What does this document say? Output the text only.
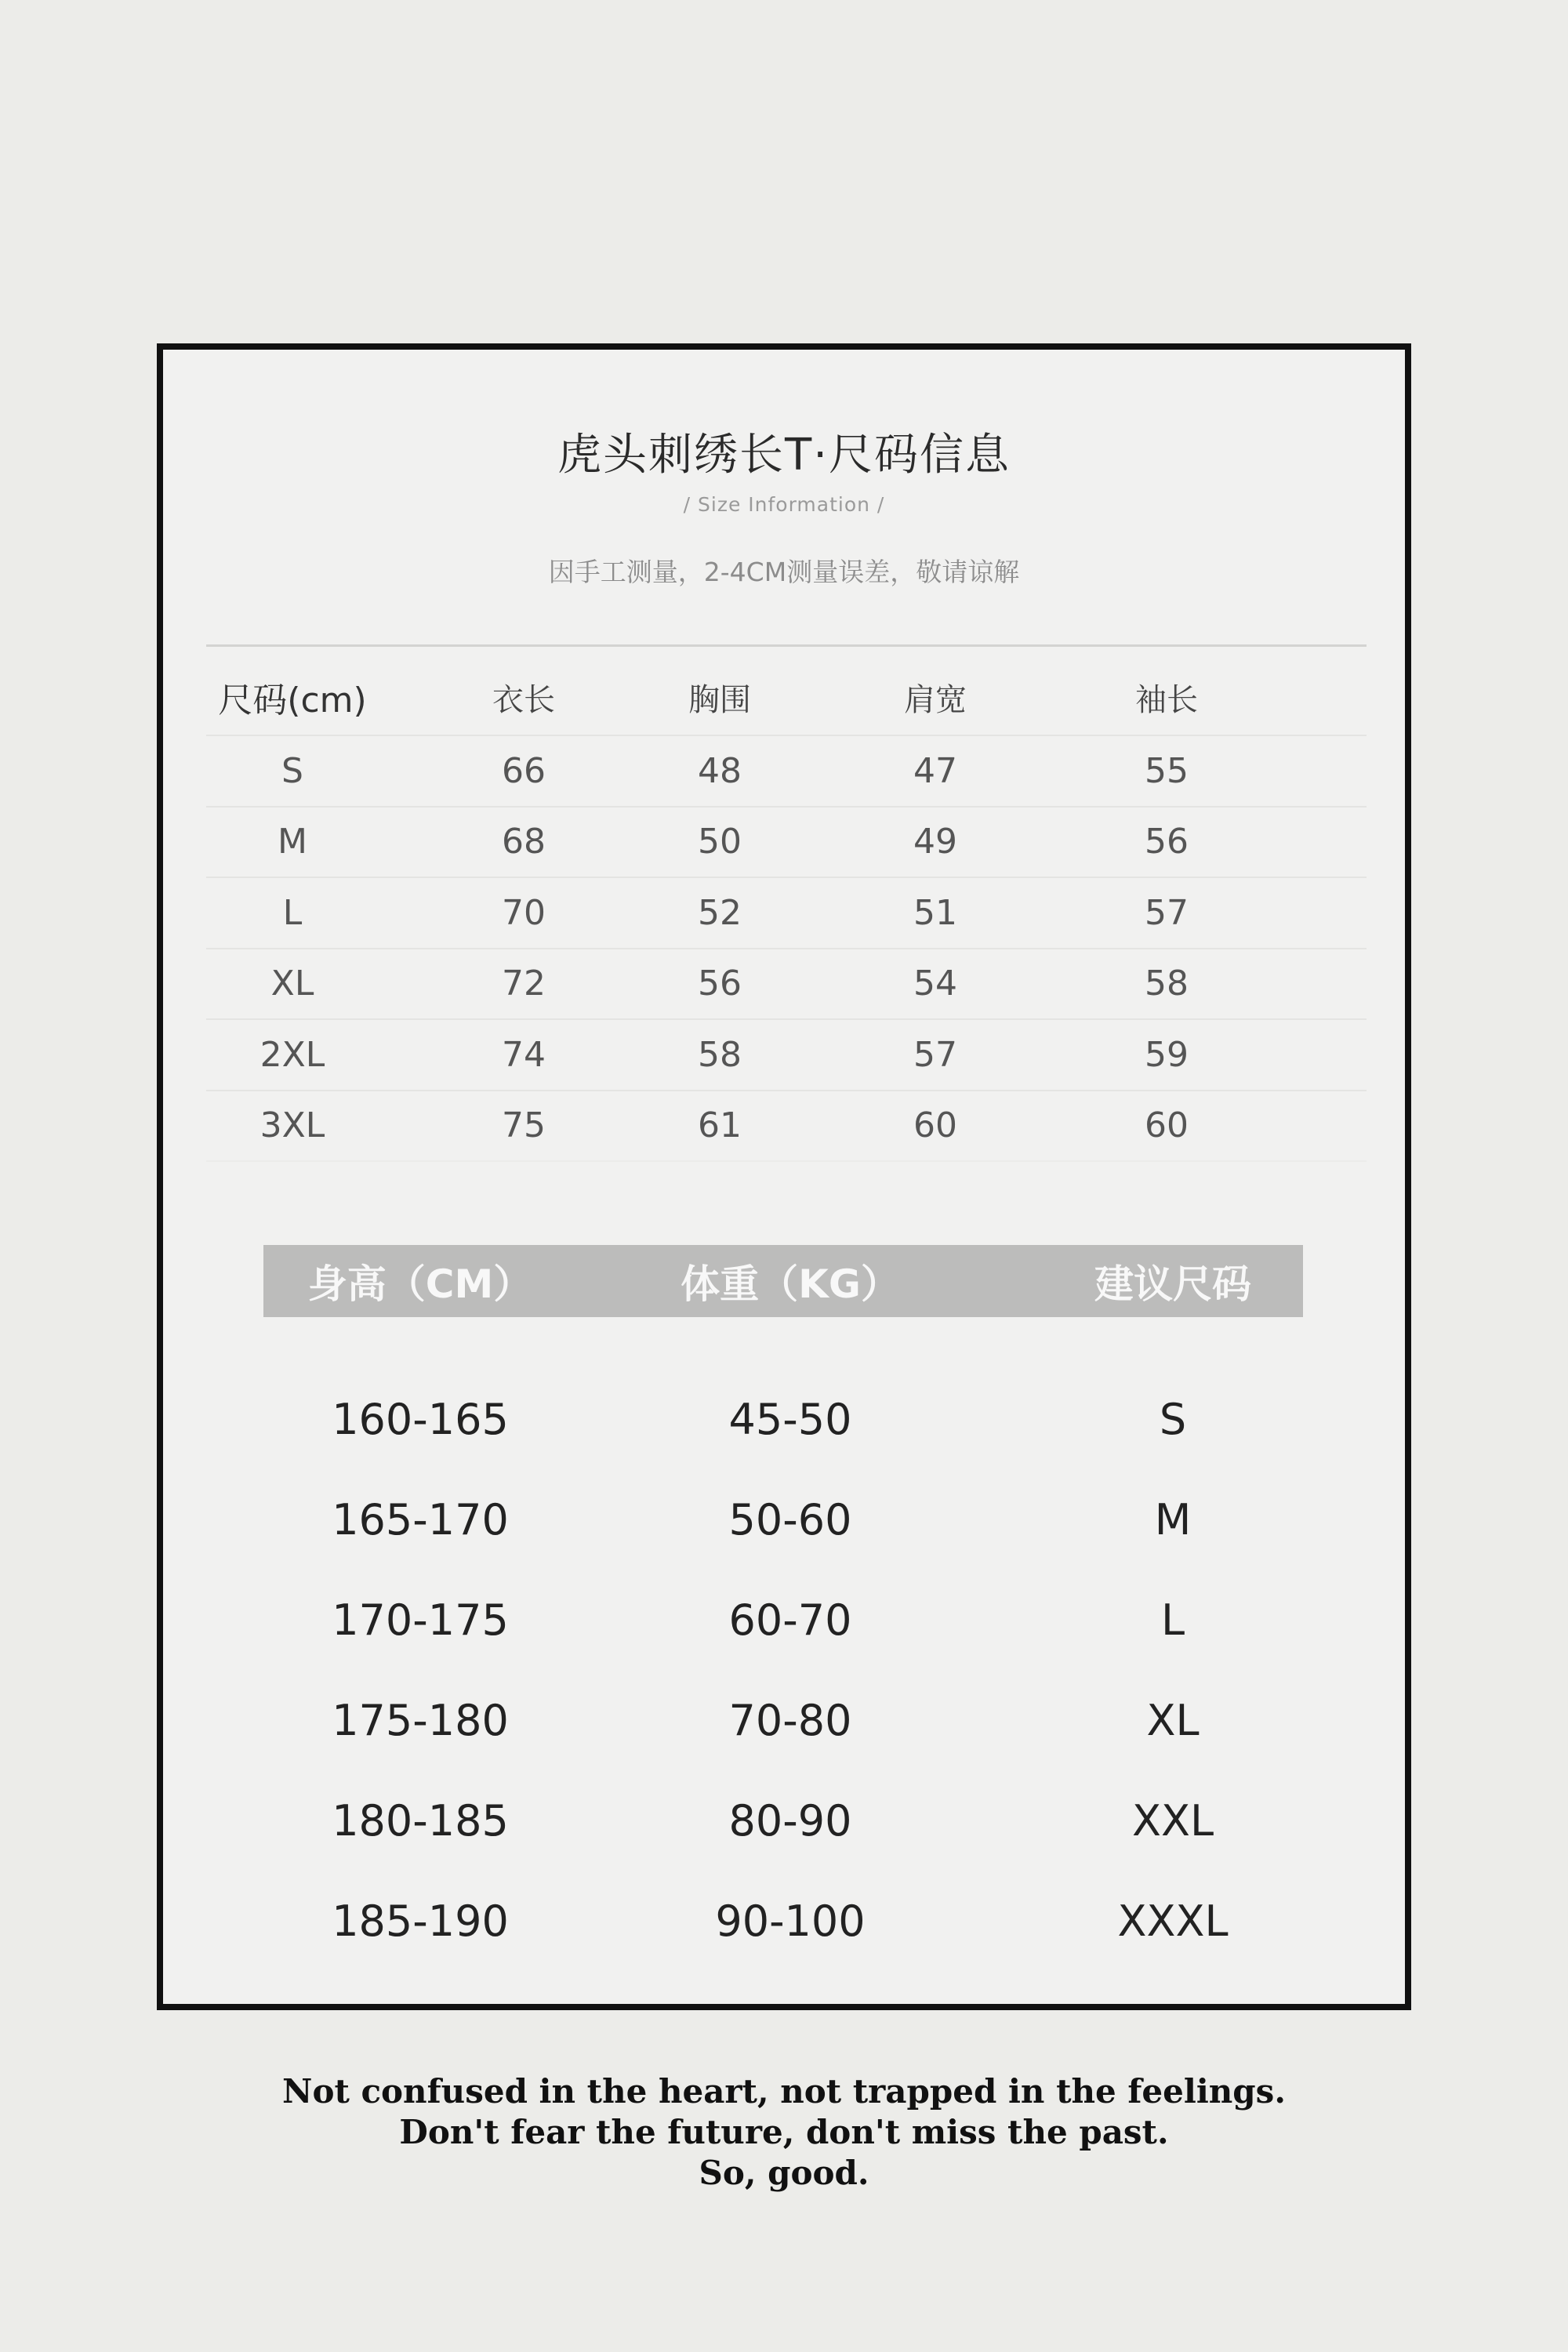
虎头刺绣长T·尺码信息
/ Size Information /
因手工测量，2-4CM测量误差，敬请谅解
尺码(cm)	衣长	胸围	肩宽	袖长
S	66	48	47	55
M	68	50	49	56
L	70	52	51	57
XL	72	56	54	58
2XL	74	58	57	59
3XL	75	61	60	60
身高（CM）	体重（KG）	建议尺码
160-165	45-50	S
165-170	50-60	M
170-175	60-70	L
175-180	70-80	XL
180-185	80-90	XXL
185-190	90-100	XXXL
Not confused in the heart, not trapped in the feelings.
Don't fear the future, don't miss the past.
So, good.
